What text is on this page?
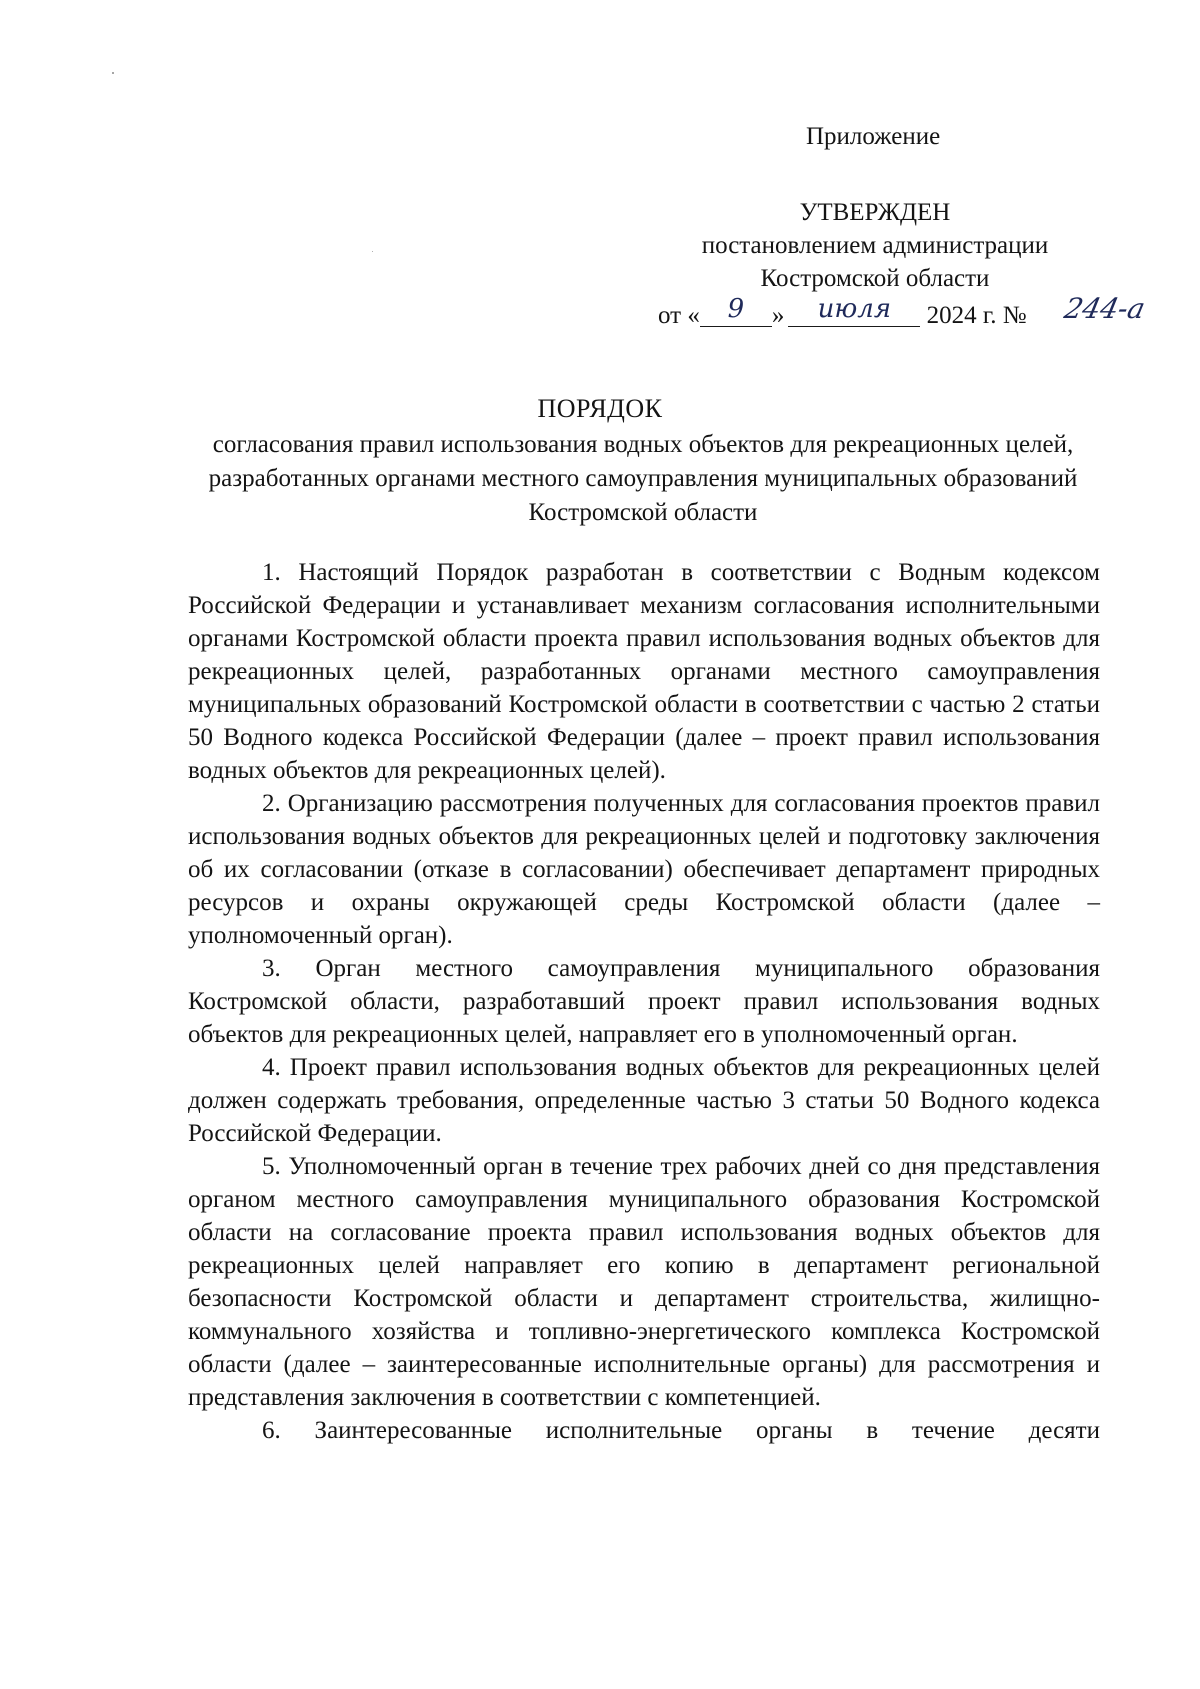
Приложение
УТВЕРЖДЕН
постановлением администрации
Костромской области
от « 9 » июля 2024 г. № 244-а
ПОРЯДОК
согласования правил использования водных объектов для рекреационных целей, разработанных органами местного самоуправления муниципальных образований Костромской области

1. Настоящий Порядок разработан в соответствии с Водным кодексом Российской Федерации и устанавливает механизм согласования исполнительными органами Костромской области проекта правил использования водных объектов для рекреационных целей, разработанных органами местного самоуправления муниципальных образований Костромской области в соответствии с частью 2 статьи 50 Водного кодекса Российской Федерации (далее – проект правил использования водных объектов для рекреационных целей).

2. Организацию рассмотрения полученных для согласования проектов правил использования водных объектов для рекреационных целей и подготовку заключения об их согласовании (отказе в согласовании) обеспечивает департамент природных ресурсов и охраны окружающей среды Костромской области (далее – уполномоченный орган).

3. Орган местного самоуправления муниципального образования Костромской области, разработавший проект правил использования водных объектов для рекреационных целей, направляет его в уполномоченный орган.

4. Проект правил использования водных объектов для рекреационных целей должен содержать требования, определенные частью 3 статьи 50 Водного кодекса Российской Федерации.

5. Уполномоченный орган в течение трех рабочих дней со дня представления органом местного самоуправления муниципального образования Костромской области на согласование проекта правил использования водных объектов для рекреационных целей направляет его копию в департамент региональной безопасности Костромской области и департамент строительства, жилищно-коммунального хозяйства и топливно-энергетического комплекса Костромской области (далее – заинтересованные исполнительные органы) для рассмотрения и представления заключения в соответствии с компетенцией.

6. Заинтересованные исполнительные органы в течение десяти
